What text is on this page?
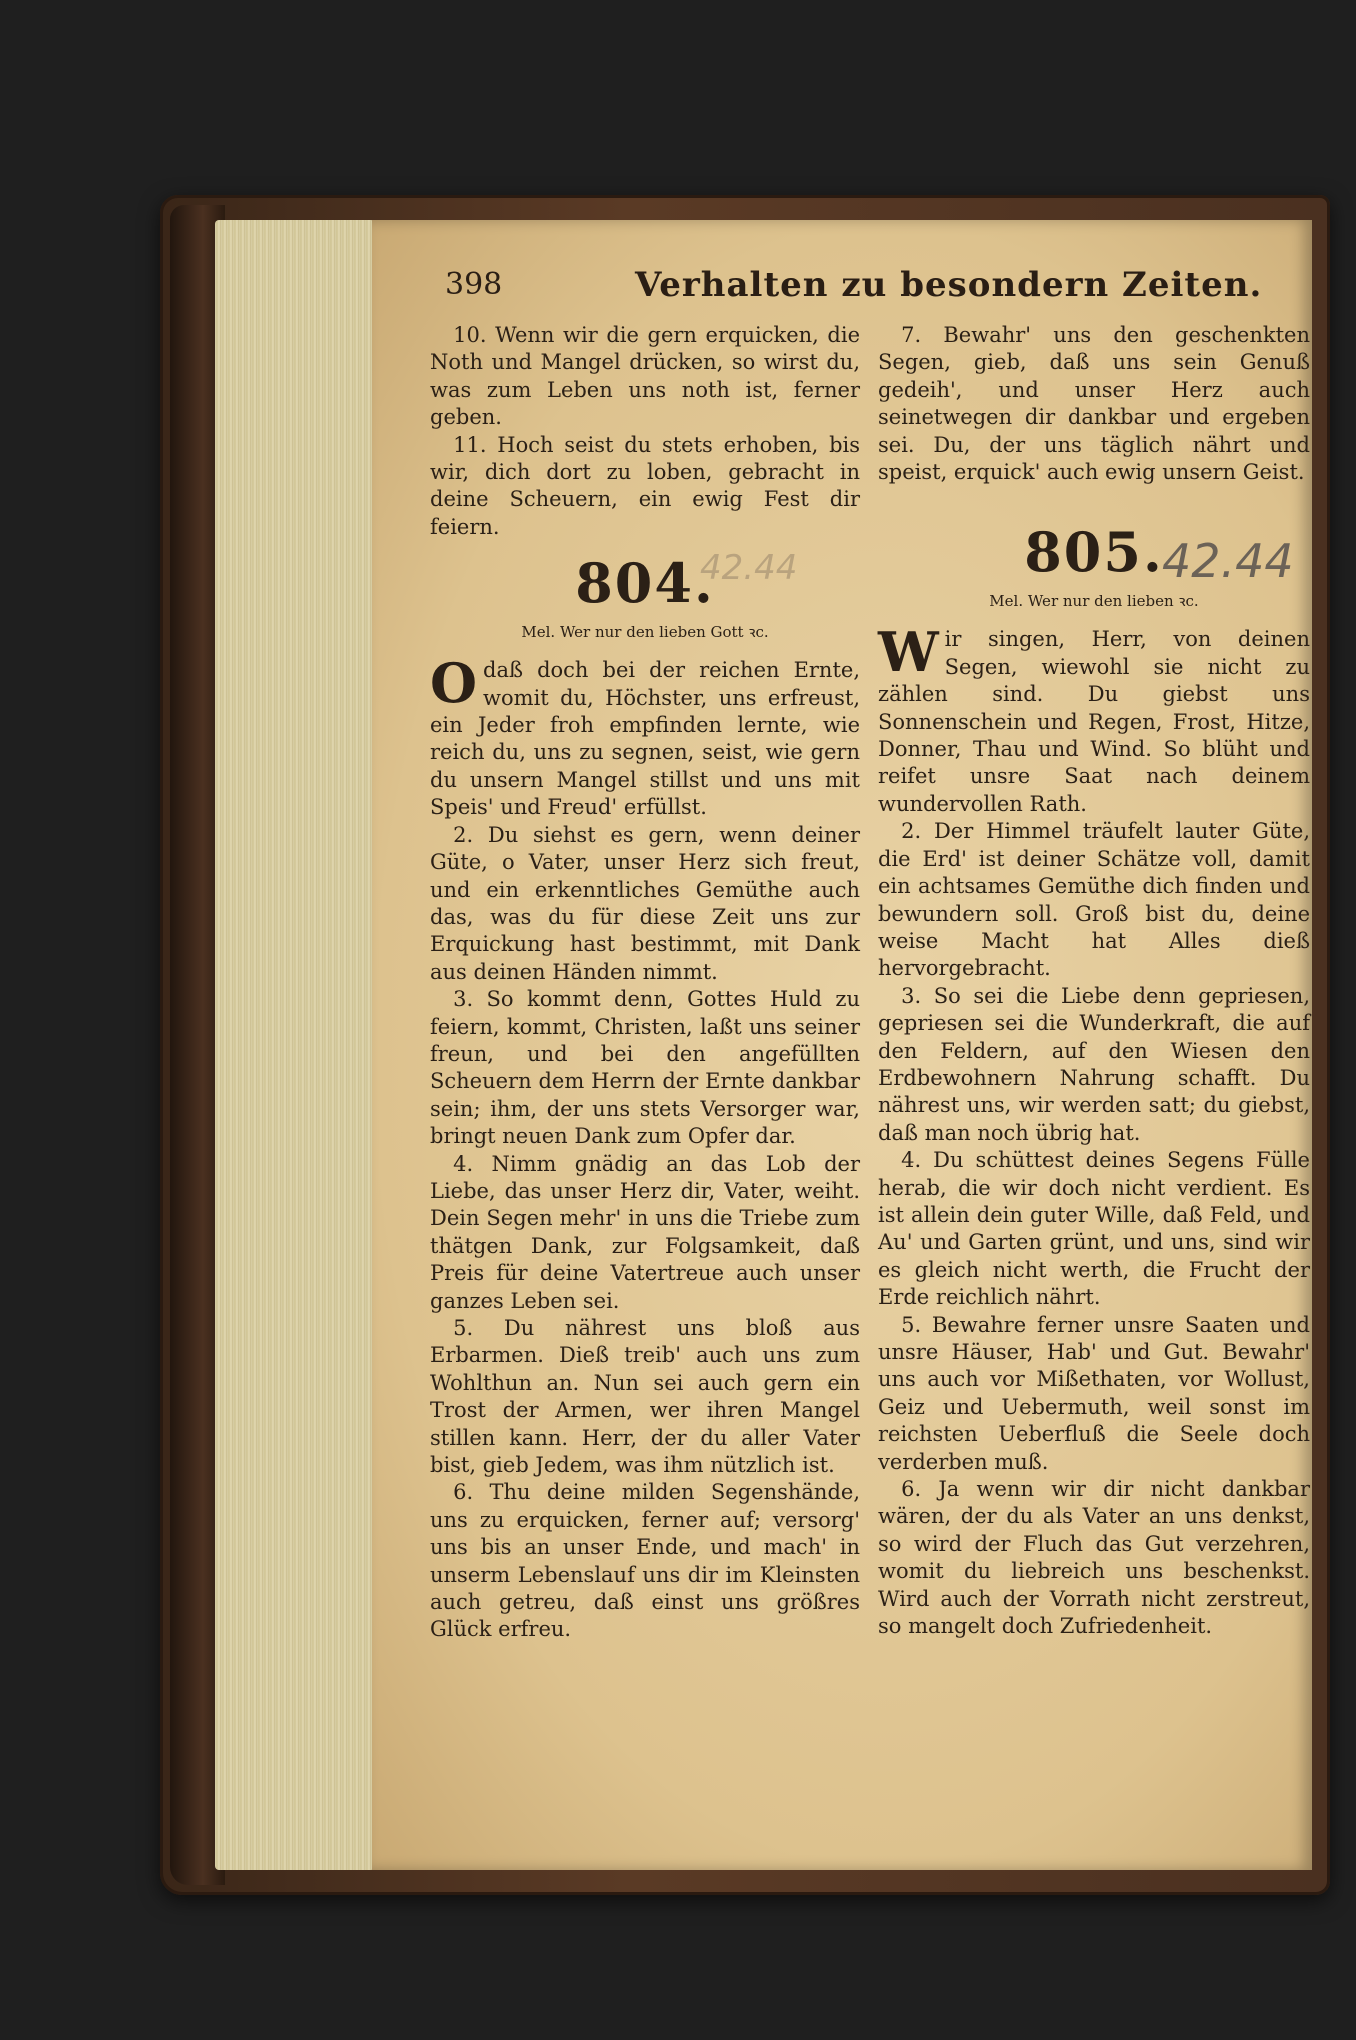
398	Verhalten zu besondern Zeiten.
42.44	42.44

10. Wenn wir die gern erquicken, die Noth und Mangel drücken, so wirst du, was zum Leben uns noth ist, ferner geben.

11. Hoch seist du stets erhoben, bis wir, dich dort zu loben, gebracht in deine Scheuern, ein ewig Fest dir feiern.

804.
Mel. Wer nur den lieben Gott ꝛc.

O daß doch bei der reichen Ernte, womit du, Höchster, uns erfreust, ein Jeder froh empfinden lernte, wie reich du, uns zu segnen, seist, wie gern du unsern Mangel stillst und uns mit Speis' und Freud' erfüllst.

2. Du siehst es gern, wenn deiner Güte, o Vater, unser Herz sich freut, und ein erkenntliches Gemüthe auch das, was du für diese Zeit uns zur Erquickung hast bestimmt, mit Dank aus deinen Händen nimmt.

3. So kommt denn, Gottes Huld zu feiern, kommt, Christen, laßt uns seiner freun, und bei den angefüllten Scheuern dem Herrn der Ernte dankbar sein; ihm, der uns stets Versorger war, bringt neuen Dank zum Opfer dar.

4. Nimm gnädig an das Lob der Liebe, das unser Herz dir, Vater, weiht. Dein Segen mehr' in uns die Triebe zum thätgen Dank, zur Folgsamkeit, daß Preis für deine Vatertreue auch unser ganzes Leben sei.

5. Du nährest uns bloß aus Erbarmen. Dieß treib' auch uns zum Wohlthun an. Nun sei auch gern ein Trost der Armen, wer ihren Mangel stillen kann. Herr, der du aller Vater bist, gieb Jedem, was ihm nützlich ist.

6. Thu deine milden Segenshände, uns zu erquicken, ferner auf; versorg' uns bis an unser Ende, und mach' in unserm Lebenslauf uns dir im Kleinsten auch getreu, daß einst uns größres Glück erfreu.

7. Bewahr' uns den geschenkten Segen, gieb, daß uns sein Genuß gedeih', und unser Herz auch seinetwegen dir dankbar und ergeben sei. Du, der uns täglich nährt und speist, erquick' auch ewig unsern Geist.

805.
Mel. Wer nur den lieben ꝛc.

W ir singen, Herr, von deinen Segen, wiewohl sie nicht zu zählen sind. Du giebst uns Sonnenschein und Regen, Frost, Hitze, Donner, Thau und Wind. So blüht und reifet unsre Saat nach deinem wundervollen Rath.

2. Der Himmel träufelt lauter Güte, die Erd' ist deiner Schätze voll, damit ein achtsames Gemüthe dich finden und bewundern soll. Groß bist du, deine weise Macht hat Alles dieß hervorgebracht.

3. So sei die Liebe denn gepriesen, gepriesen sei die Wunderkraft, die auf den Feldern, auf den Wiesen den Erdbewohnern Nahrung schafft. Du nährest uns, wir werden satt; du giebst, daß man noch übrig hat.

4. Du schüttest deines Segens Fülle herab, die wir doch nicht verdient. Es ist allein dein guter Wille, daß Feld, und Au' und Garten grünt, und uns, sind wir es gleich nicht werth, die Frucht der Erde reichlich nährt.

5. Bewahre ferner unsre Saaten und unsre Häuser, Hab' und Gut. Bewahr' uns auch vor Mißethaten, vor Wollust, Geiz und Uebermuth, weil sonst im reichsten Ueberfluß die Seele doch verderben muß.

6. Ja wenn wir dir nicht dankbar wären, der du als Vater an uns denkst, so wird der Fluch das Gut verzehren, womit du liebreich uns beschenkst. Wird auch der Vorrath nicht zerstreut, so mangelt doch Zufriedenheit.
